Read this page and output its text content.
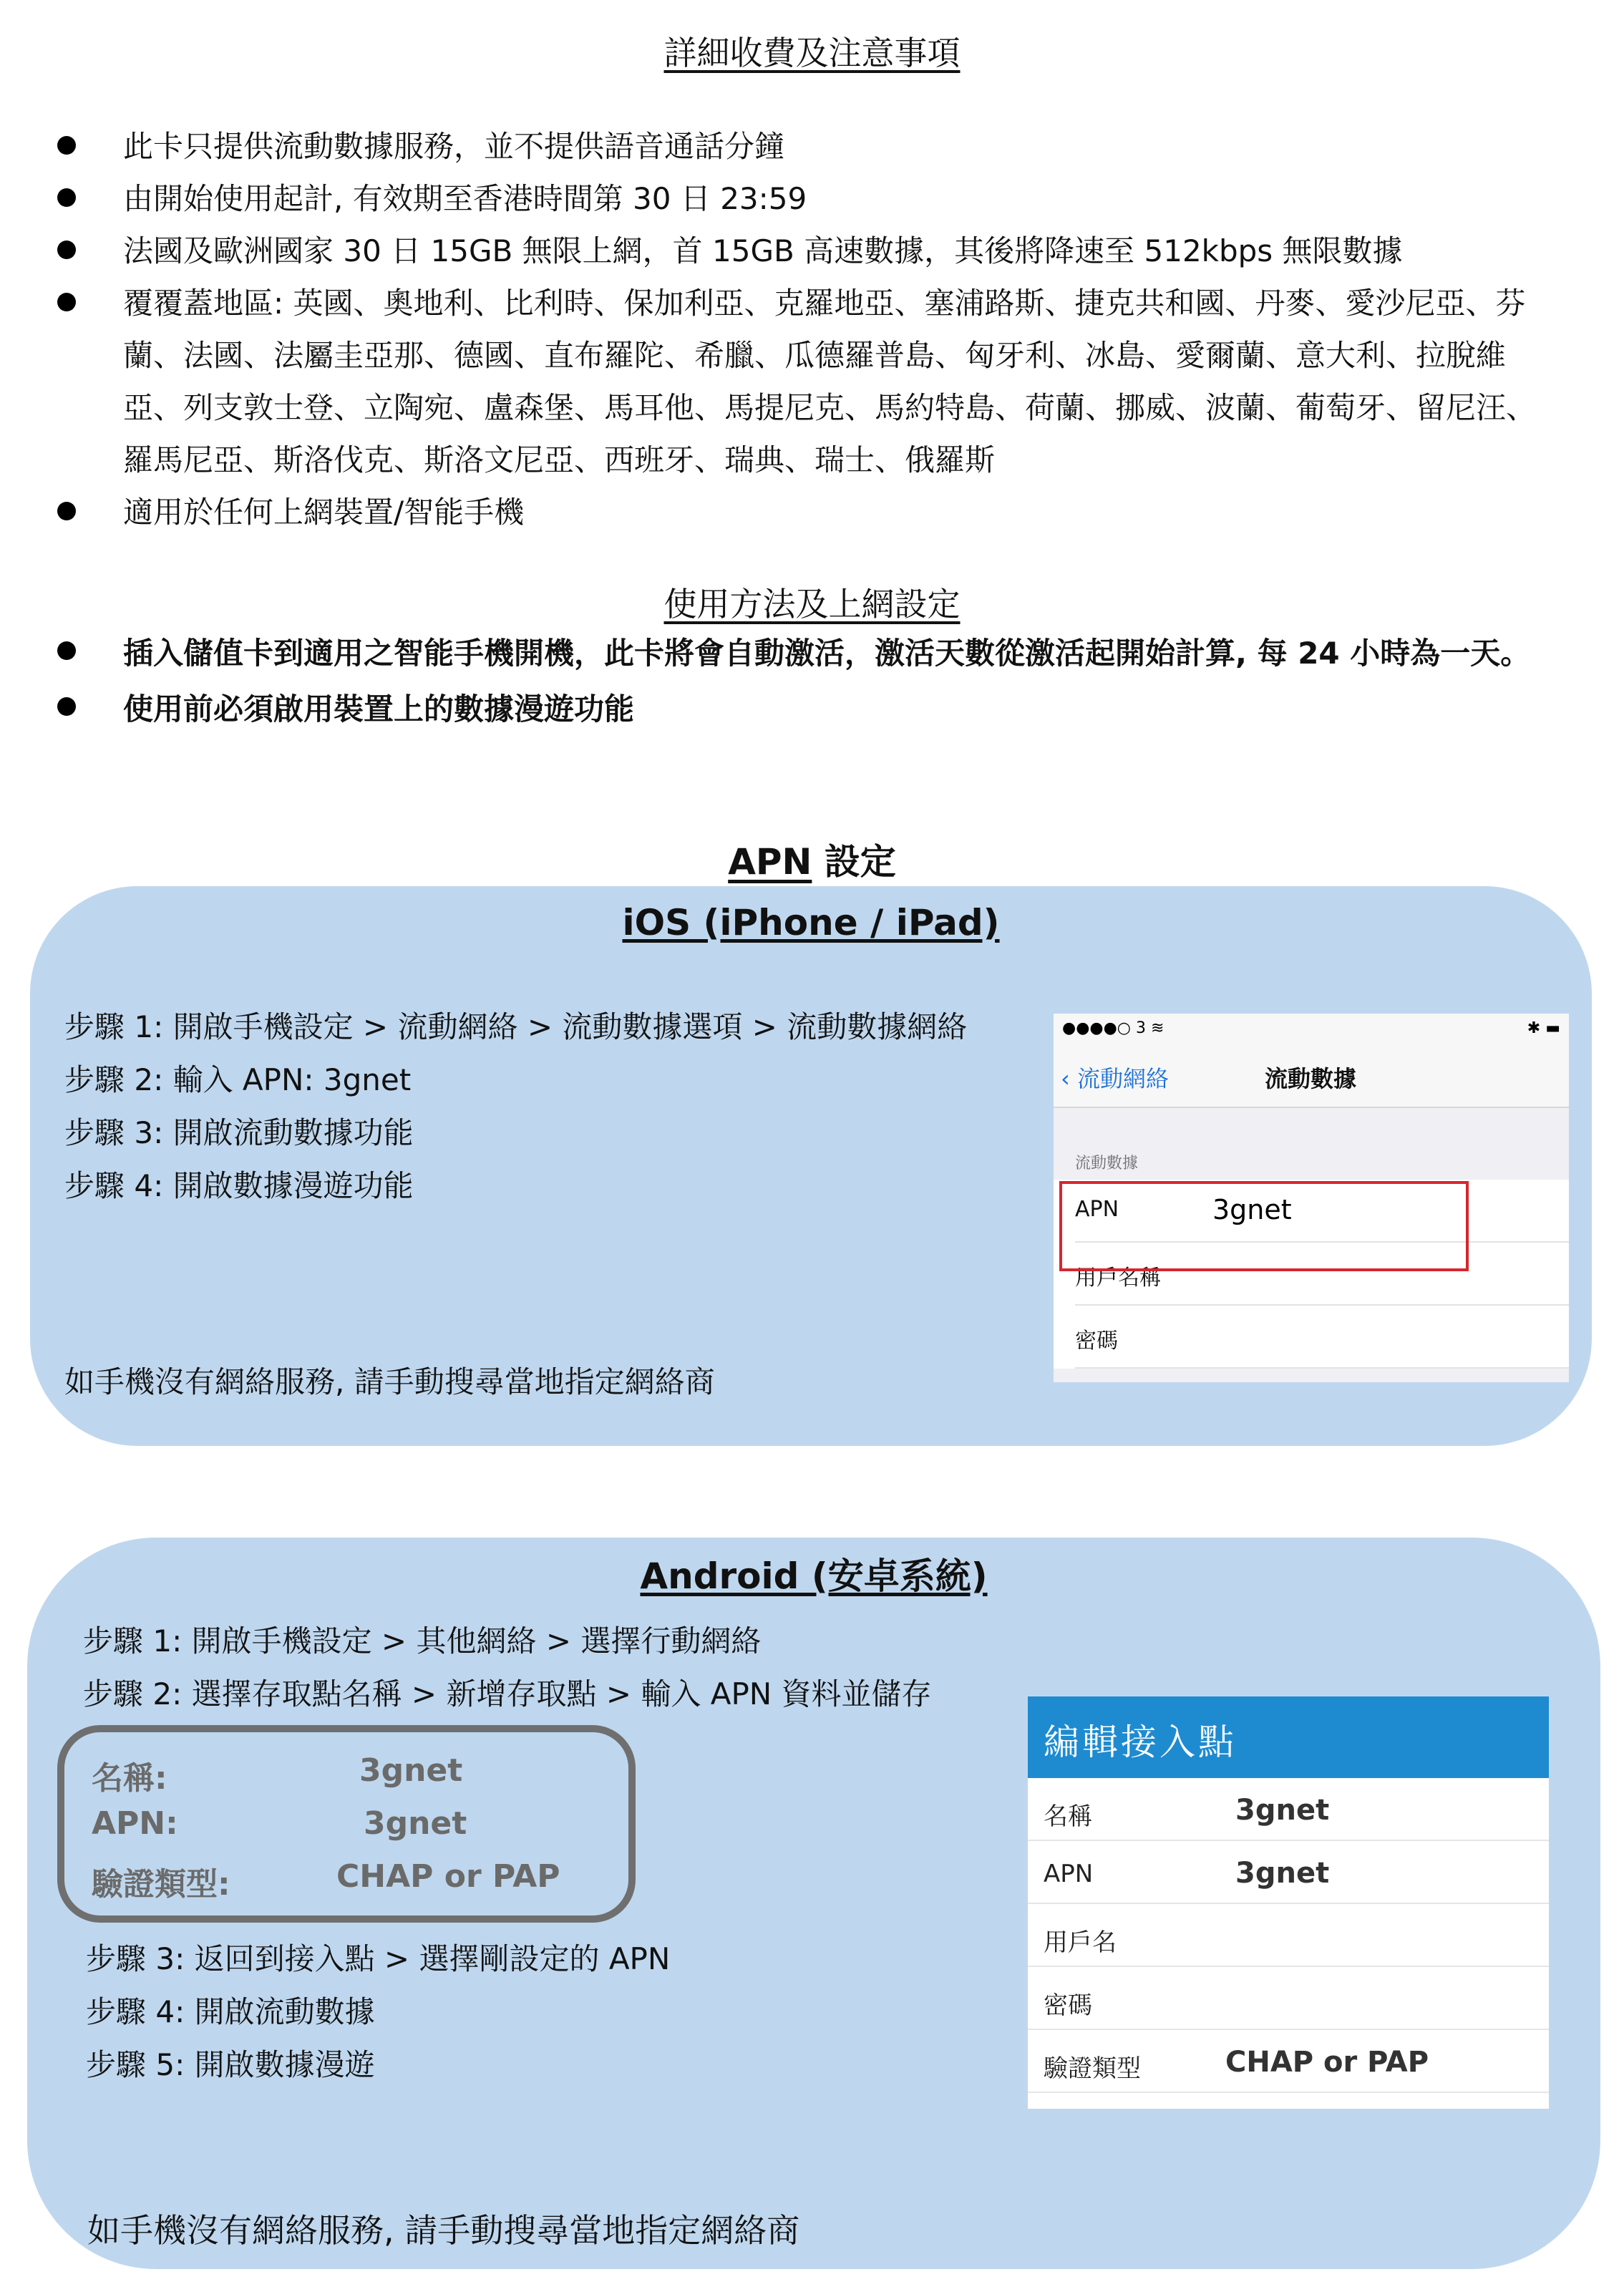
詳細收費及注意事項
此卡只提供流動數據服務，並不提供語音通話分鐘
由開始使用起計, 有效期至香港時間第 30 日 23:59
法國及歐洲國家 30 日 15GB 無限上網，首 15GB 高速數據，其後將降速至 512kbps 無限數據
覆覆蓋地區: 英國、奧地利、比利時、保加利亞、克羅地亞、塞浦路斯、捷克共和國、丹麥、愛沙尼亞、芬蘭、法國、法屬圭亞那、德國、直布羅陀、希臘、瓜德羅普島、匈牙利、冰島、愛爾蘭、意大利、拉脫維亞、列支敦士登、立陶宛、盧森堡、馬耳他、馬提尼克、馬約特島、荷蘭、挪威、波蘭、葡萄牙、留尼汪、羅馬尼亞、斯洛伐克、斯洛文尼亞、西班牙、瑞典、瑞士、俄羅斯
適用於任何上網裝置/智能手機
使用方法及上網設定
插入儲值卡到適用之智能手機開機，此卡將會自動激活，激活天數從激活起開始計算, 每 24 小時為一天。
使用前必須啟用裝置上的數據漫遊功能
APN 設定
iOS (iPhone / iPad)
步驟 1: 開啟手機設定 > 流動網絡 > 流動數據選項 > 流動數據網絡
步驟 2: 輸入 APN: 3gnet
步驟 3: 開啟流動數據功能
步驟 4: 開啟數據漫遊功能

如手機沒有網絡服務, 請手動搜尋當地指定網絡商

●●●●○ 3 ≋	✱ ▬
‹ 流動網絡	流動數據
流動數據
APN	3gnet
用戶名稱
密碼
Android (安卓系統)
步驟 1: 開啟手機設定 > 其他網絡 > 選擇行動網絡
步驟 2: 選擇存取點名稱 > 新增存取點 > 輸入 APN 資料並儲存
名稱:	3gnet
APN:	3gnet
驗證類型:	CHAP or PAP
步驟 3: 返回到接入點 > 選擇剛設定的 APN
步驟 4: 開啟流動數據
步驟 5: 開啟數據漫遊

如手機沒有網絡服務, 請手動搜尋當地指定網絡商

編輯接入點
名稱	3gnet
APN	3gnet
用戶名
密碼
驗證類型	CHAP or PAP
